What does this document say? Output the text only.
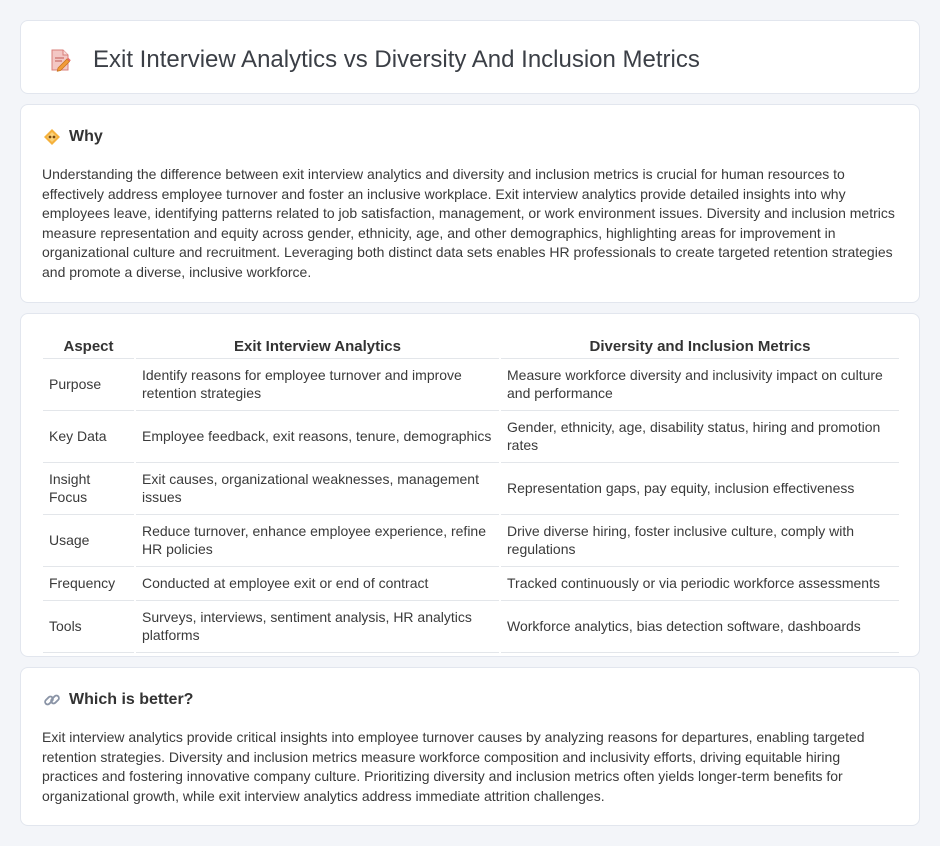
Exit Interview Analytics vs Diversity And Inclusion Metrics
Why

Understanding the difference between exit interview analytics and diversity and inclusion metrics is crucial for human resources to effectively address employee turnover and foster an inclusive workplace. Exit interview analytics provide detailed insights into why employees leave, identifying patterns related to job satisfaction, management, or work environment issues. Diversity and inclusion metrics measure representation and equity across gender, ethnicity, age, and other demographics, highlighting areas for improvement in organizational culture and recruitment. Leveraging both distinct data sets enables HR professionals to create targeted retention strategies and promote a diverse, inclusive workforce.

Aspect	Exit Interview Analytics	Diversity and Inclusion Metrics
Purpose	Identify reasons for employee turnover and improve retention strategies	Measure workforce diversity and inclusivity impact on culture and performance
Key Data	Employee feedback, exit reasons, tenure, demographics	Gender, ethnicity, age, disability status, hiring and promotion rates
Insight Focus	Exit causes, organizational weaknesses, management issues	Representation gaps, pay equity, inclusion effectiveness
Usage	Reduce turnover, enhance employee experience, refine HR policies	Drive diverse hiring, foster inclusive culture, comply with regulations
Frequency	Conducted at employee exit or end of contract	Tracked continuously or via periodic workforce assessments
Tools	Surveys, interviews, sentiment analysis, HR analytics platforms	Workforce analytics, bias detection software, dashboards
Which is better?

Exit interview analytics provide critical insights into employee turnover causes by analyzing reasons for departures, enabling targeted retention strategies. Diversity and inclusion metrics measure workforce composition and inclusivity efforts, driving equitable hiring practices and fostering innovative company culture. Prioritizing diversity and inclusion metrics often yields longer-term benefits for organizational growth, while exit interview analytics address immediate attrition challenges.
